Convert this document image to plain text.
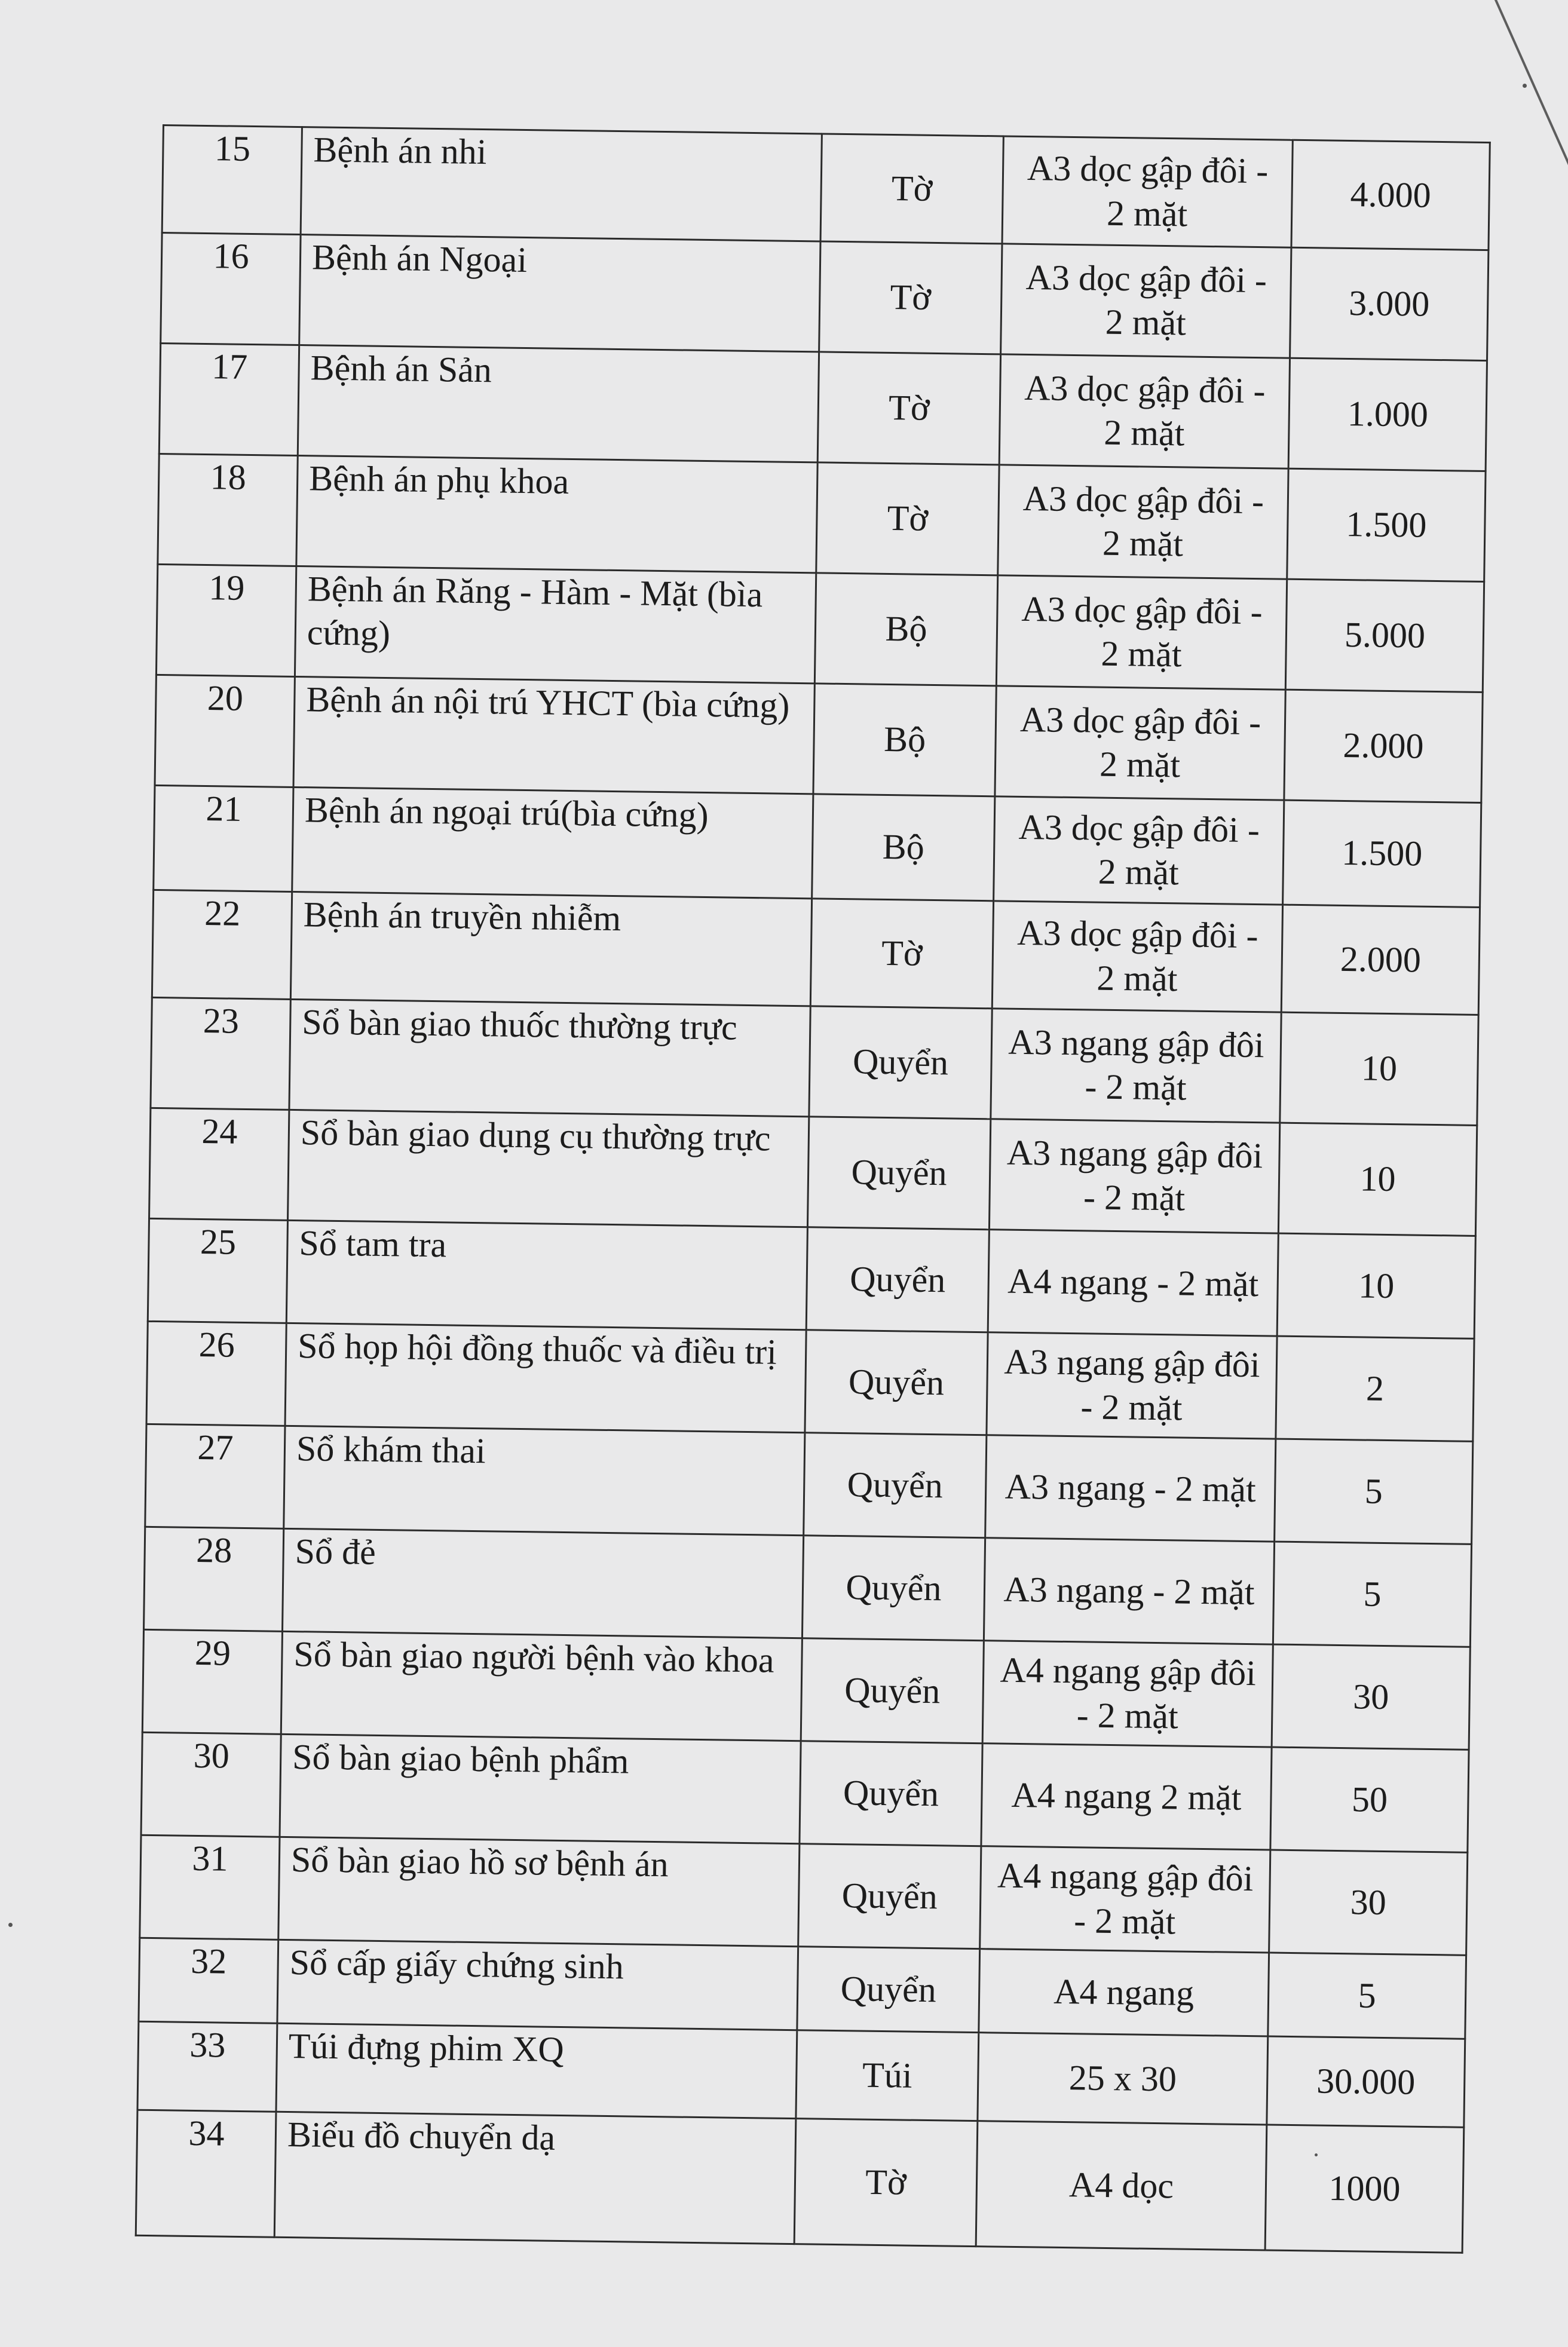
15	Bệnh án nhi	Tờ	A3 dọc gập đôi - 2 mặt	4.000
16	Bệnh án Ngoại	Tờ	A3 dọc gập đôi - 2 mặt	3.000
17	Bệnh án Sản	Tờ	A3 dọc gập đôi - 2 mặt	1.000
18	Bệnh án phụ khoa	Tờ	A3 dọc gập đôi - 2 mặt	1.500
19	Bệnh án Răng - Hàm - Mặt (bìa cứng)	Bộ	A3 dọc gập đôi - 2 mặt	5.000
20	Bệnh án nội trú YHCT (bìa cứng)	Bộ	A3 dọc gập đôi - 2 mặt	2.000
21	Bệnh án ngoại trú(bìa cứng)	Bộ	A3 dọc gập đôi - 2 mặt	1.500
22	Bệnh án truyền nhiễm	Tờ	A3 dọc gập đôi - 2 mặt	2.000
23	Sổ bàn giao thuốc thường trực	Quyển	A3 ngang gập đôi - 2 mặt	10
24	Sổ bàn giao dụng cụ thường trực	Quyển	A3 ngang gập đôi - 2 mặt	10
25	Sổ tam tra	Quyển	A4 ngang - 2 mặt	10
26	Sổ họp hội đồng thuốc và điều trị	Quyển	A3 ngang gập đôi - 2 mặt	2
27	Sổ khám thai	Quyển	A3 ngang - 2 mặt	5
28	Sổ đẻ	Quyển	A3 ngang - 2 mặt	5
29	Sổ bàn giao người bệnh vào khoa	Quyển	A4 ngang gập đôi - 2 mặt	30
30	Sổ bàn giao bệnh phẩm	Quyển	A4 ngang 2 mặt	50
31	Sổ bàn giao hồ sơ bệnh án	Quyển	A4 ngang gập đôi - 2 mặt	30
32	Sổ cấp giấy chứng sinh	Quyển	A4 ngang	5
33	Túi đựng phim XQ	Túi	25 x 30	30.000
34	Biểu đồ chuyển dạ	Tờ	A4 dọc	1000
